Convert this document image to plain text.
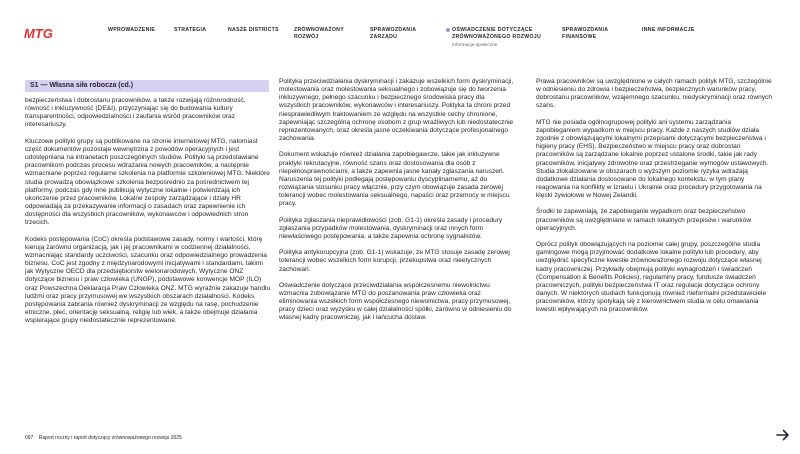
MTG	WPROWADZENIE	STRATEGIA	NASZE DISTRICTS	ZRÓWNOWAŻONY ROZWÓJ
SPRAWOZDANIA ZARZĄDU
OŚWIADCZENIE DOTYCZĄCE ZRÓWNOWAŻONEGO ROZWOJU
Informacje społeczne
SPRAWOZDANIA FINANSOWE
INNE INFORMACJE
S1 — Własna siła robocza (cd.)

bezpieczeństwa i dobrostanu pracowników, a także rozwijają różnorodność, równość i inkluzywność (DE&I), przyczyniając się do budowania kultury transparentności, odpowiedzialności i zaufania wśród pracowników oraz interesariuszy.

Kluczowe polityki grupy są publikowane na stronie internetowej MTG, natomiast część dokumentów pozostaje wewnętrzna z powodów operacyjnych i jest udostępniana na intranetach poszczególnych studiów. Polityki są przedstawiane pracownikom podczas procesu wdrażania nowych pracowników, a następnie wzmacniane poprzez regularne szkolenia na platformie szkoleniowej MTG. Niektóre studia prowadzą obowiązkowe szkolenia bezpośrednio za pośrednictwem tej platformy, podczas gdy inne publikują wytyczne lokalnie i potwierdzają ich ukończenie przez pracowników. Lokalne zespoły zarządzające i działy HR odpowiadają za przekazywanie informacji o zasadach oraz zapewnienie ich dostępności dla wszystkich pracowników, wykonawców i odpowiednich stron trzecich.

Kodeks postępowania (CoC) określa podstawowe zasady, normy i wartości, którę kierują żarówno organizacją, jak i jej pracownikami w codziennej działalności, wzmacniając standardy uczciwości, szacunku oraz odpowiedzialnego prowadzenia biznesu. CoC jest zgodny z międzynarodowymi inicjatywami i standardami, takimi jak Wytyczne OECD dla przedsiębiorstw wielonarodowych, Wytyczne ONZ dotyczące biznesu i praw człowieka (UNGP), podstawowe konwencje MOP (ILO) oraz Powszechna Deklaracja Praw Człowieka ONZ. MTG wyraźnie zakazuje handlu ludźmi oraz pracy przymusowej we wszystkich obszarach działalności. Kodeks postępowania zabrania również dyskryminacji ze względu na rasę, pochodzenie etniczne, płeć, orientację seksualną, religię lub wiek, a także obejmuje działania wspierające grupy niedostatecznie reprezentowane.

Polityka przeciwdziałania dyskryminacji i zakazuje wszelkich form dyskryminacji, molestowania oraz molestowania seksualnego i zobowiązuje się do tworzenia inkluzywnego, pełnego szacunku i bezpiecznego środowiska pracy dla wszystkich pracowników, wykonawców i interesariuszy. Polityka ta chroni przed niesprawiedliwym traktowaniem ze względu na wszystkie cechy chronione, zapewniając szczególną ochronę osobom z grup wrażliwych lub niedostatecznie reprezentowanych, oraz określa jasne oczekiwania dotyczące profesjonalnego zachowania.

Dokument wskazuje również działania zapobiegawcze, takie jak inkluzywne praktyki rekrutacyjne, równość szans oraz dostosowania dla osób z niepełnosprawnościami, a także zapewnia jasne kanały zgłaszania naruszeń. Naruszenia tej polityki podlegają postępowaniu dyscyplinarnemu, aż do rozwiązania stosunku pracy włącznie, przy czym obowiązuje zasada zerowej tolerancji wobec molestowania seksualnego, napaści oraz przemocy w miejscu pracy.

Polityka zgłaszania nieprawidłowości (zob. G1-1) określa zasady i procedury zgłaszania przypadków molestowania, dyskryminacji oraz innych form niewłaściwego postępowania, a także zapewnia ochronę sygnalistów.

Polityka antykorupcyjna (zob. G1-1) wskazuje, że MTG stosuje zasadę zerowej tolerancji wobec wszelkich form korupcji, przekupstwa oraz nieetycznych zachowań.

Oświadczenie dotyczące przeciwdziałania współczesnemu niewolnictwu wzmacnia zobowiązanie MTG do poszanowania praw człowieka oraz eliminowania wszelkich form współczesnego niewolnictwa, pracy przymusowej, pracy dzieci oraz wyzysku w całej działalności spółki, zarówno w odniesieniu do własnej kadry pracowniczej, jak i łańcucha dostaw.

Prawa pracowników są uwzględnione w całych ramach polityk MTG, szczególnie w odniesieniu do zdrowia i bezpieczeństwa, bezpiecznych warunków pracy, dobrostanu pracowników, wzajemnego szacunku, niedyskryminacji oraz równych szans.

MTG nie posiada ogólnogrupowej polityki ani systemu zarządzania zapobieganiem wypadkom w miejscu pracy. Każde z naszych studiów działa zgodnie z obowiązującymi lokalnymi przepisami dotyczącymi bezpieczeństwa i higieny pracy (EHS). Bezpieczeństwo w miejscu pracy oraz dobrostan pracowników są zarządzane lokalnie poprzez ustalone środki, takie jak rady pracowników, inicjatywy zdrowotne oraz przestrzeganie wymogów ustawowych. Studia zlokalizowane w obszarach o wyższym poziomie ryzyka wdrażają dodatkowe działania dostosowane do lokalnego kontekstu, w tym plany reagowania na konflikty w Izraelu i Ukrainie oraz procedury przygotowania na klęski żywiołowe w Nowej Zelandii.

Środki te zapewniają, że zapobieganie wypadkom oraz bezpieczeństwo pracowników są uwzględniane w ramach lokalnych przepisów i warunków operacyjnych.

Oprócz polityk obowiązujących na poziomie całej grupy, poszczególne studia gamingowe mogą przyjmować dodatkowe lokalne polityki lub procedury, aby uwzględnić specyficzne kwestie zrównoważonego rozwoju dotyczące własnej kadry pracowniczej. Przykłady obejmują polityki wynagrodzeń i świadczeń (Compensation & Benefits Policies), regulaminy pracy, fundusze świadczeń pracowniczych, polityki bezpieczeństwa IT oraz regulacje dotyczące ochrony danych. W niektórych studiach funkcjonują również nieformalni przedstawiciele pracowników, którzy spotykają się z kierownictwem studia w celu omawiania kwestii wpływających na pracowników.

097 Raport roczny i raport dotyczący zrównoważonego rozwoju 2025
